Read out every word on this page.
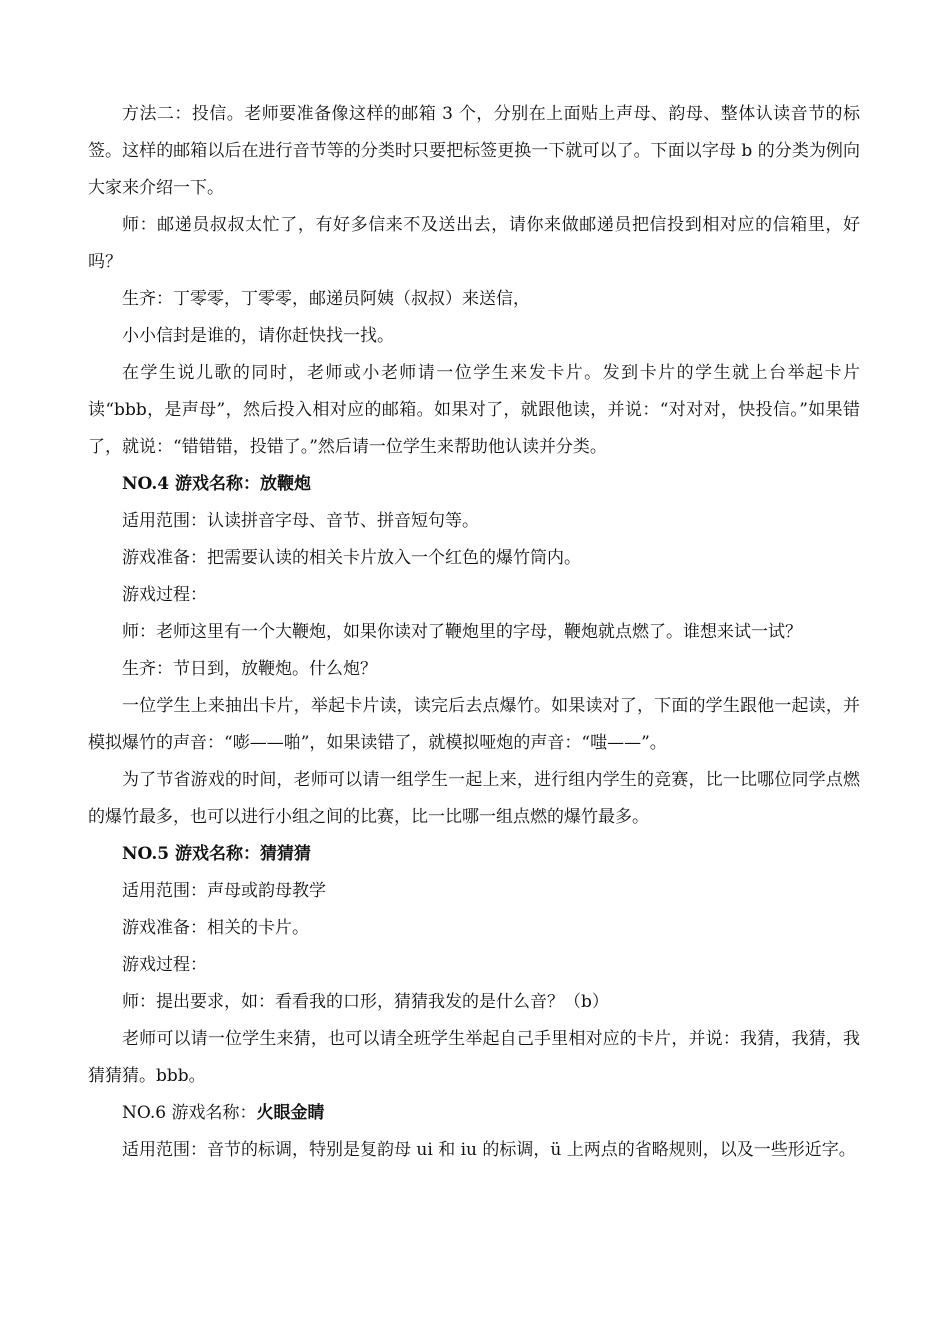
方法二：投信。老师要准备像这样的邮箱 3 个，分别在上面贴上声母、韵母、整体认读音节的标签。这样的邮箱以后在进行音节等的分类时只要把标签更换一下就可以了。下面以字母 b 的分类为例向大家来介绍一下。

师：邮递员叔叔太忙了，有好多信来不及送出去，请你来做邮递员把信投到相对应的信箱里，好吗？

生齐：丁零零，丁零零，邮递员阿姨（叔叔）来送信，

小小信封是谁的，请你赶快找一找。

在学生说儿歌的同时，老师或小老师请一位学生来发卡片。发到卡片的学生就上台举起卡片读“bbb，是声母”，然后投入相对应的邮箱。如果对了，就跟他读，并说：“对对对，快投信。”如果错了，就说：“错错错，投错了。”然后请一位学生来帮助他认读并分类。

NO.4 游戏名称：放鞭炮

适用范围：认读拼音字母、音节、拼音短句等。

游戏准备：把需要认读的相关卡片放入一个红色的爆竹筒内。

游戏过程：

师：老师这里有一个大鞭炮，如果你读对了鞭炮里的字母，鞭炮就点燃了。谁想来试一试？

生齐：节日到，放鞭炮。什么炮？

一位学生上来抽出卡片，举起卡片读，读完后去点爆竹。如果读对了，下面的学生跟他一起读，并模拟爆竹的声音：“嘭——啪”，如果读错了，就模拟哑炮的声音：“嗤——”。

为了节省游戏的时间，老师可以请一组学生一起上来，进行组内学生的竞赛，比一比哪位同学点燃的爆竹最多，也可以进行小组之间的比赛，比一比哪一组点燃的爆竹最多。

NO.5 游戏名称：猜猜猜

适用范围：声母或韵母教学

游戏准备：相关的卡片。

游戏过程：

师：提出要求，如：看看我的口形，猜猜我发的是什么音？（b）

老师可以请一位学生来猜，也可以请全班学生举起自己手里相对应的卡片，并说：我猜，我猜，我猜猜猜。bbb。

NO.6 游戏名称：火眼金睛

适用范围：音节的标调，特别是复韵母 ui 和 iu 的标调，ü 上两点的省略规则，以及一些形近字。
